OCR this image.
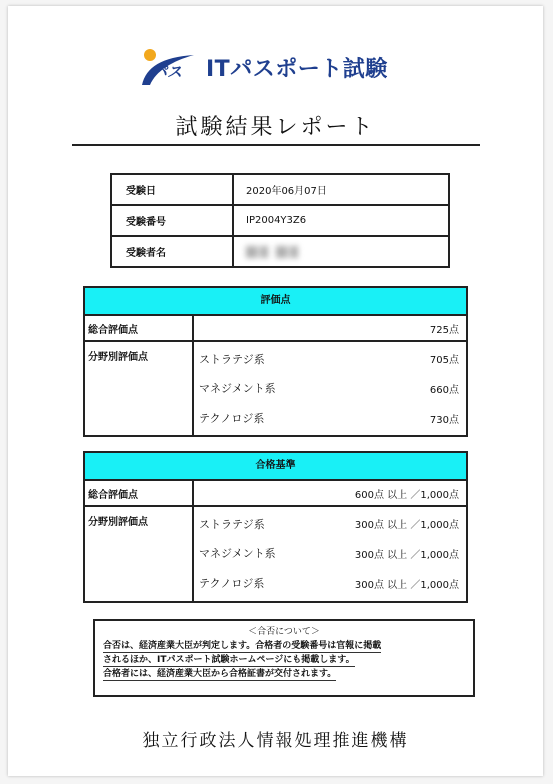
パス ITパスポート試験
試験結果レポート
受験日	2020年06月07日
受験番号	IP2004Y3Z6
受験者名	
評価点
総合評価点	725点
分野別評価点	ストラテジ系	705点
マネジメント系	660点
テクノロジ系	730点
合格基準
総合評価点	600点 以上 ／1,000点
分野別評価点	ストラテジ系	300点 以上 ／1,000点
マネジメント系	300点 以上 ／1,000点
テクノロジ系	300点 以上 ／1,000点
＜合否について＞
合否は、経済産業大臣が判定します。合格者の受験番号は官報に掲載
されるほか、ITパスポート試験ホームページにも掲載します。
合格者には、経済産業大臣から合格証書が交付されます。
独立行政法人情報処理推進機構
